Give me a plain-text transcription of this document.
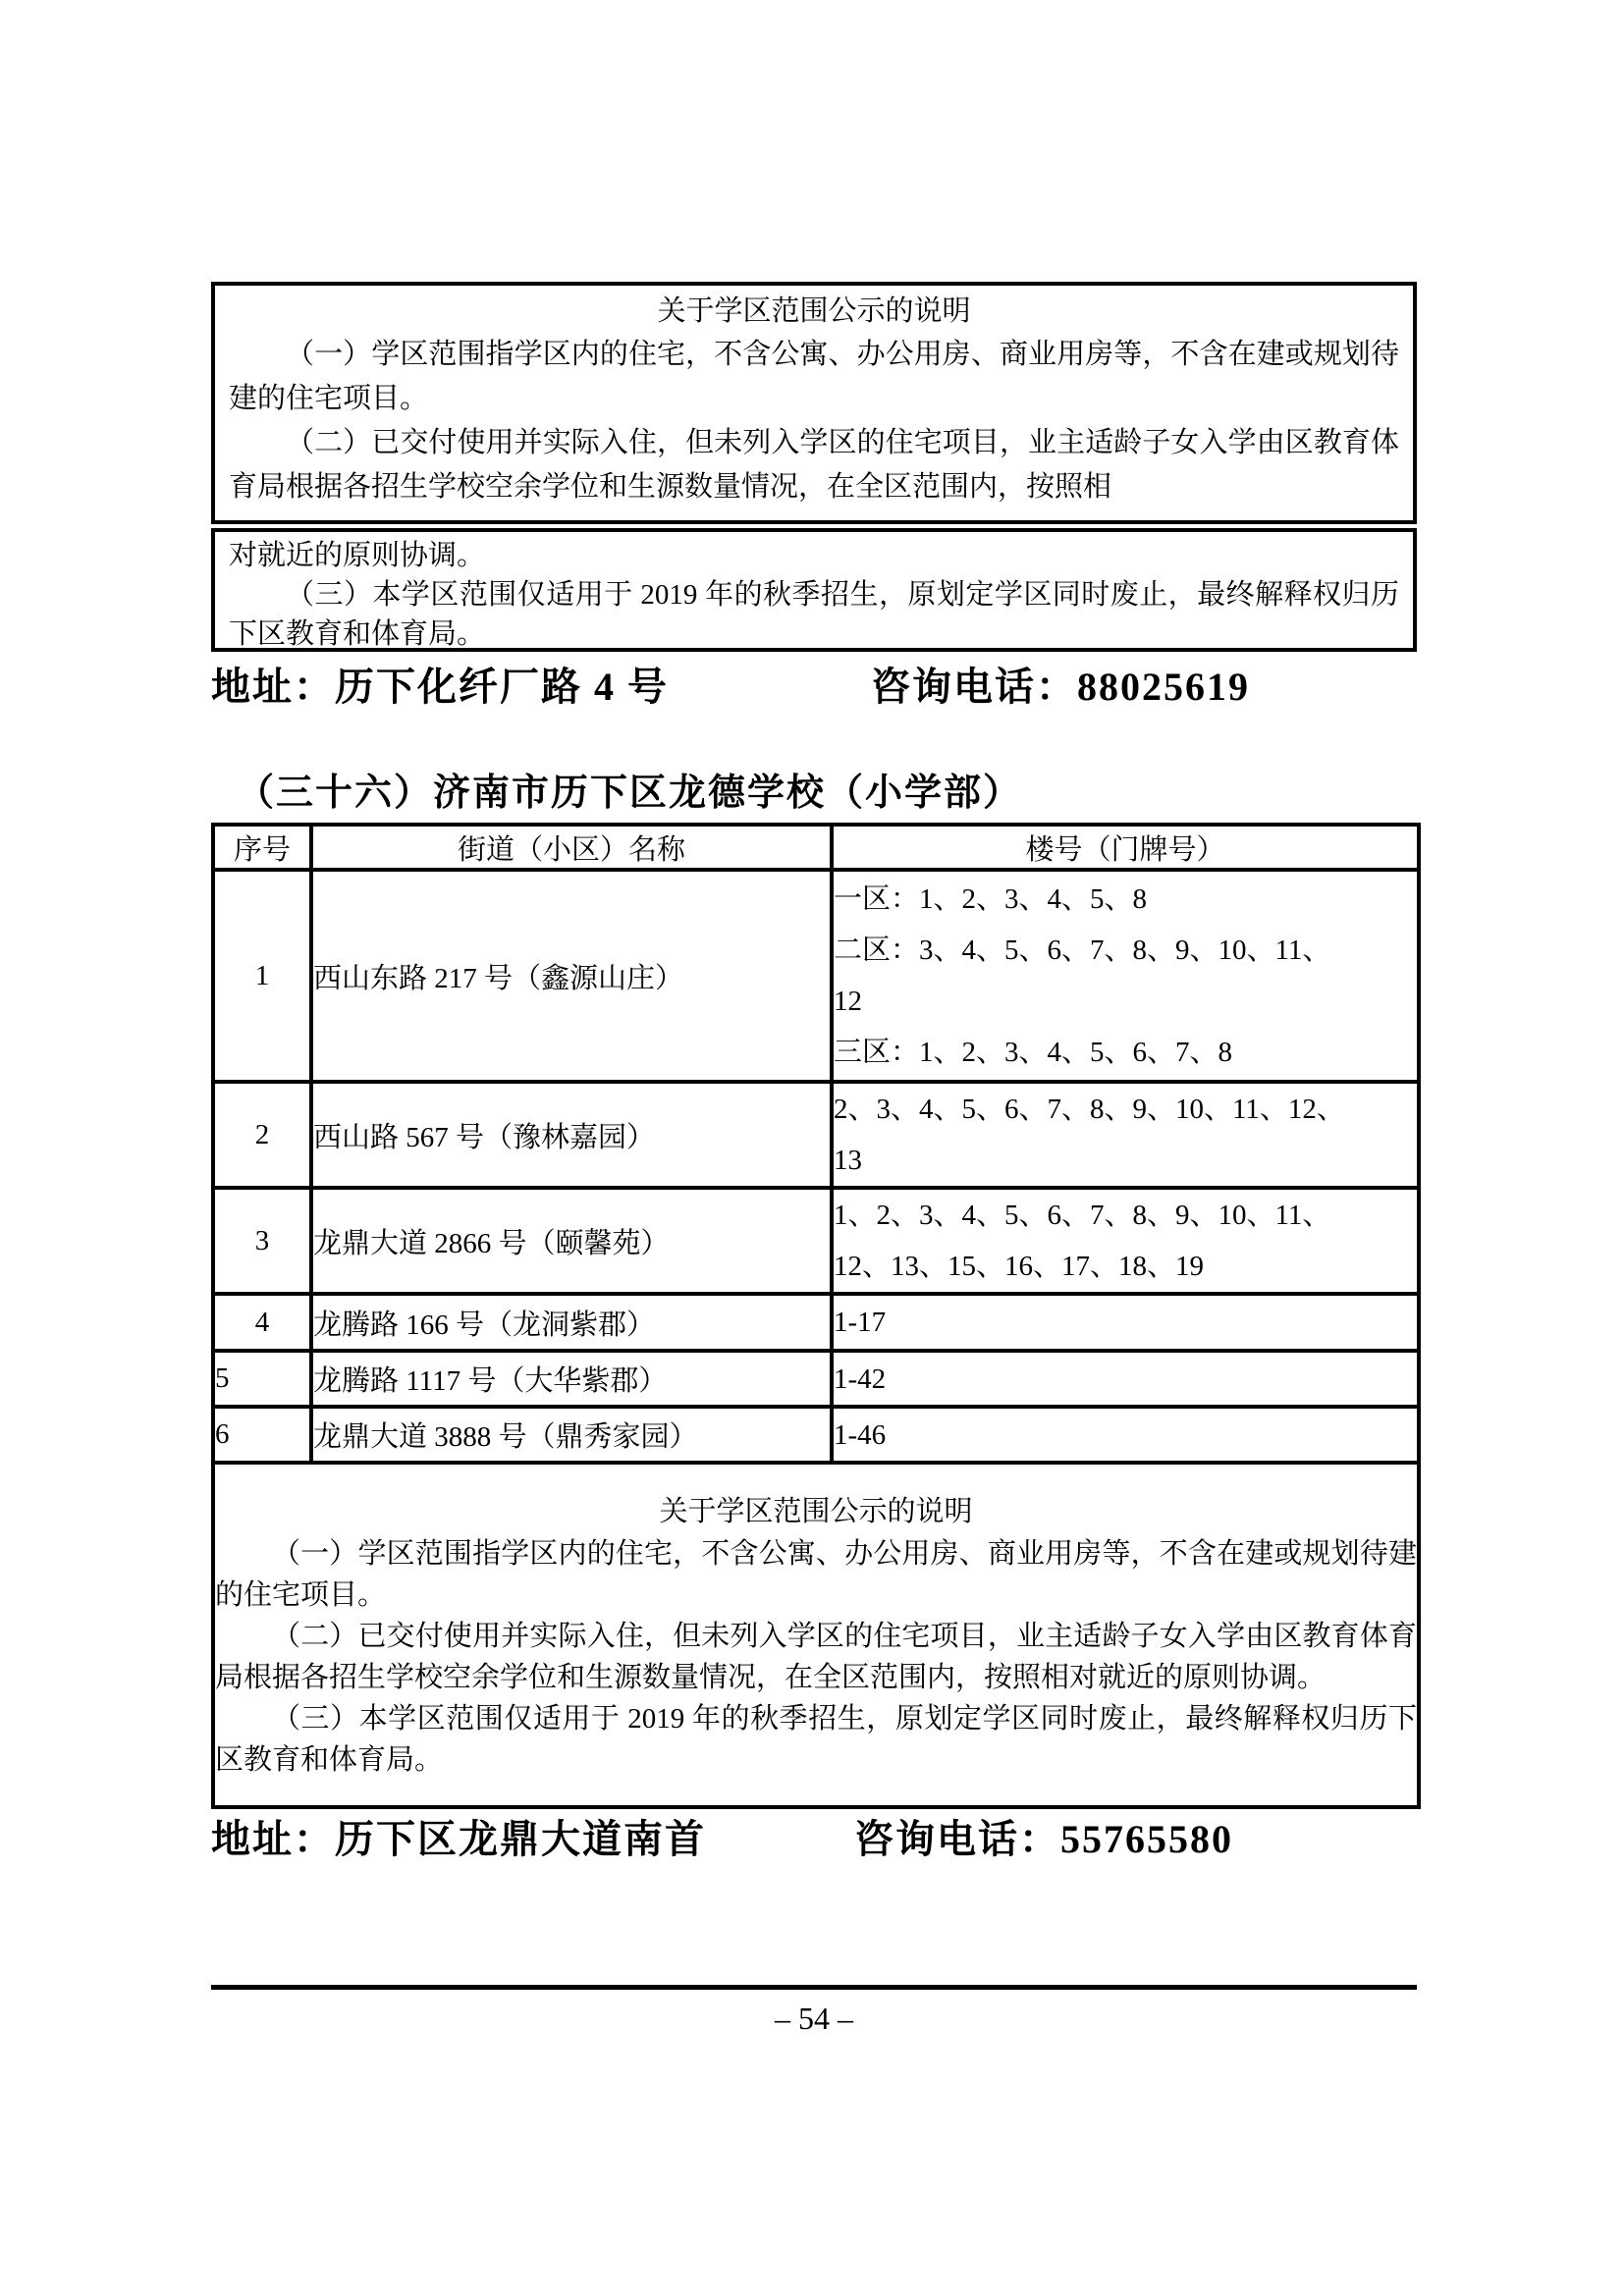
关于学区范围公示的说明

（一）学区范围指学区内的住宅，不含公寓、办公用房、商业用房等，不含在建或规划待建的住宅项目。

（二）已交付使用并实际入住，但未列入学区的住宅项目，业主适龄子女入学由区教育体育局根据各招生学校空余学位和生源数量情况，在全区范围内，按照相

对就近的原则协调。

（三）本学区范围仅适用于 2019 年的秋季招生，原划定学区同时废止，最终解释权归历下区教育和体育局。

地址：历下化纤厂路 4 号	咨询电话：88025619
（三十六）济南市历下区龙德学校（小学部）
序号	街道（小区）名称	楼号（门牌号）
1	西山东路 217 号（鑫源山庄）	一区：1、2、3、4、5、8
二区：3、4、5、6、7、8、9、10、11、
12
三区：1、2、3、4、5、6、7、8

2	西山路 567 号（豫林嘉园）	2、3、4、5、6、7、8、9、10、11、12、
13

3	龙鼎大道 2866 号（颐馨苑）	1、2、3、4、5、6、7、8、9、10、11、
12、13、15、16、17、18、19

4	龙腾路 166 号（龙洞紫郡）	1-17

5	龙腾路 1117 号（大华紫郡）	1-42

6	龙鼎大道 3888 号（鼎秀家园）	1-46

关于学区范围公示的说明

（一）学区范围指学区内的住宅，不含公寓、办公用房、商业用房等，不含在建或规划待建的住宅项目。

（二）已交付使用并实际入住，但未列入学区的住宅项目，业主适龄子女入学由区教育体育局根据各招生学校空余学位和生源数量情况，在全区范围内，按照相对就近的原则协调。

（三）本学区范围仅适用于 2019 年的秋季招生，原划定学区同时废止，最终解释权归历下区教育和体育局。		

地址：历下区龙鼎大道南首	咨询电话：55765580
– 54 –
